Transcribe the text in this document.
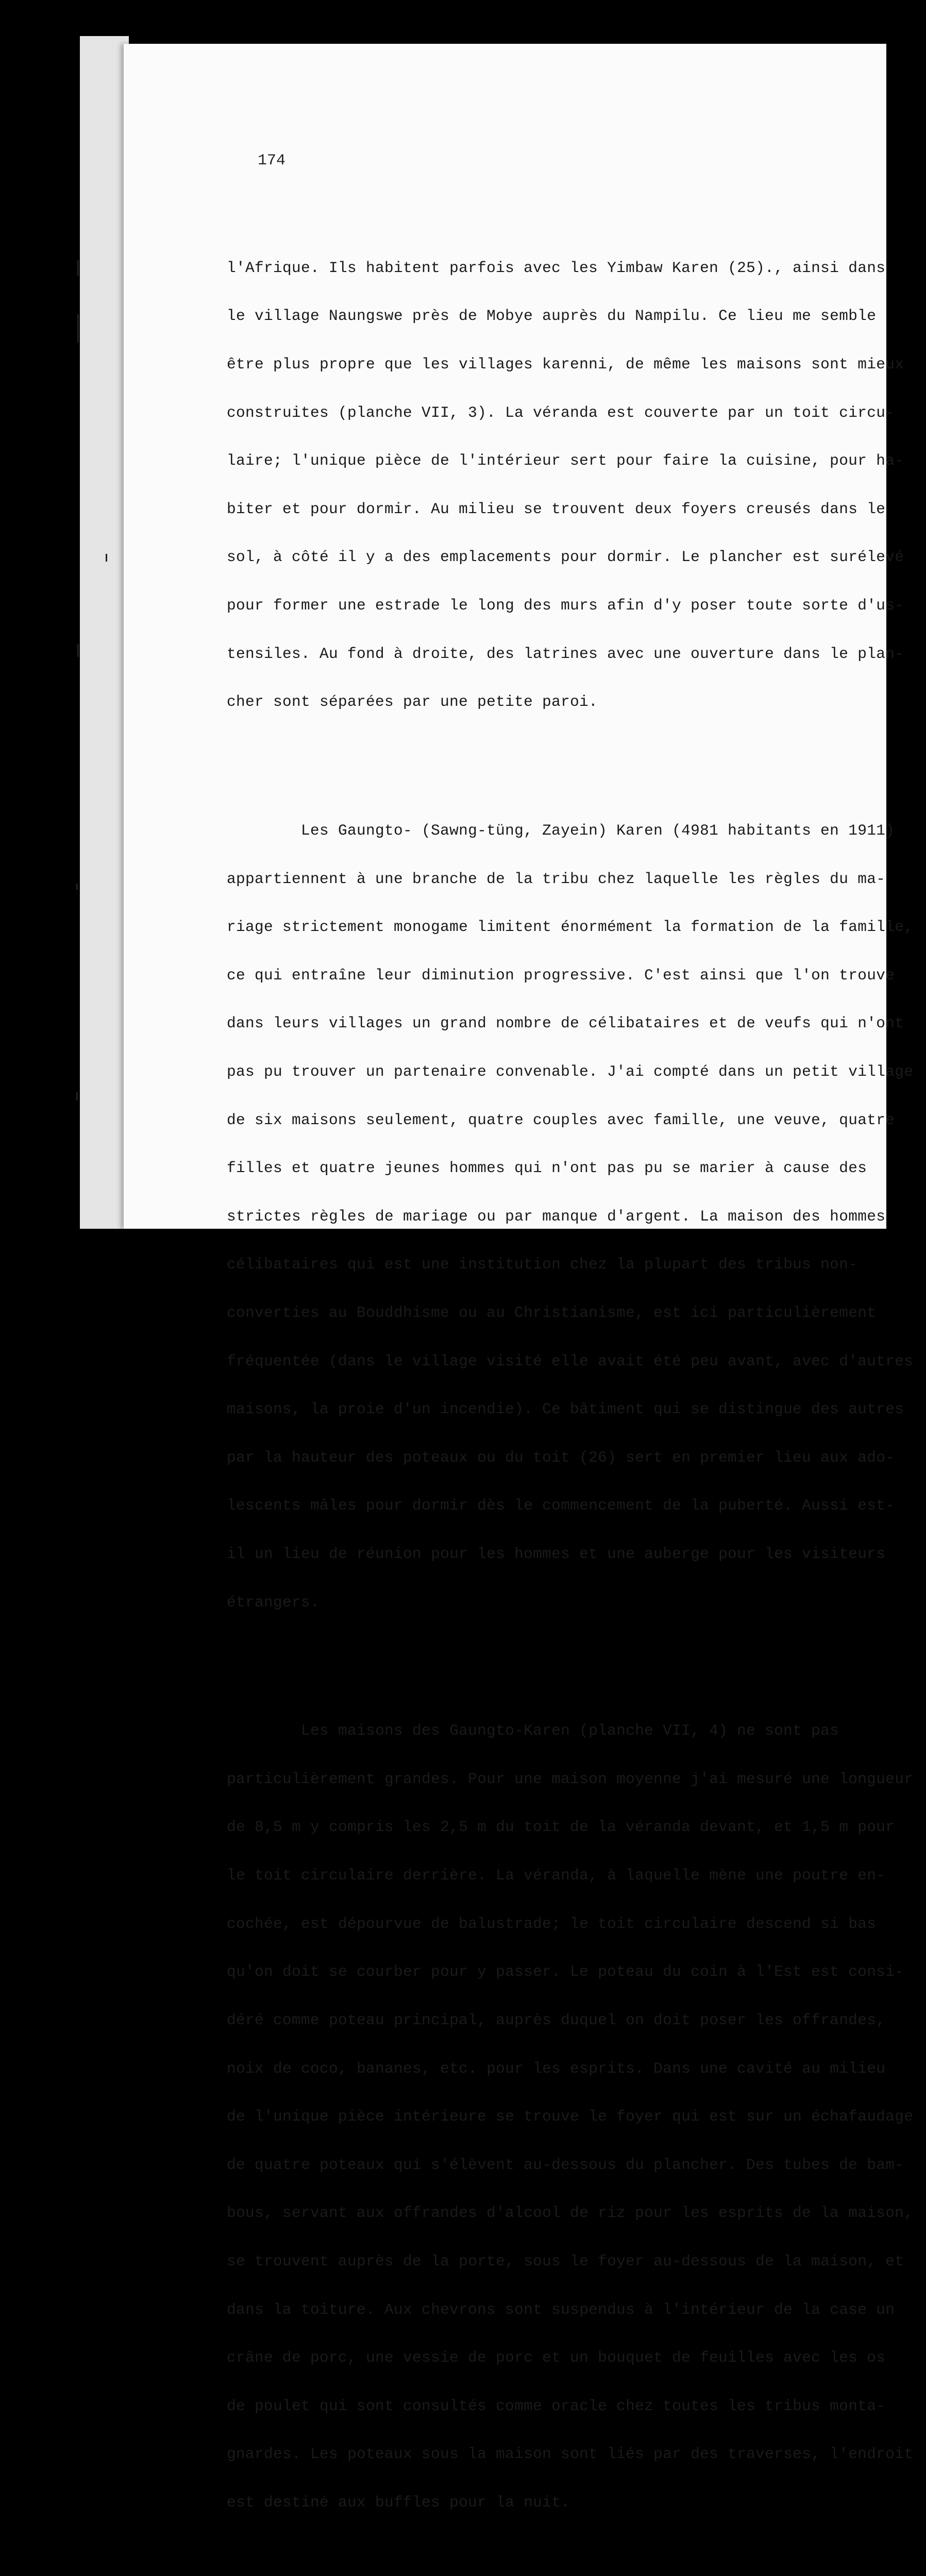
174

l'Afrique. Ils habitent parfois avec les Yimbaw Karen (25)., ainsi dans

le village Naungswe près de Mobye auprès du Nampilu. Ce lieu me semble

être plus propre que les villages karenni, de même les maisons sont mieux

construites (planche VII, 3). La véranda est couverte par un toit circu-

laire; l'unique pièce de l'intérieur sert pour faire la cuisine, pour ha-

biter et pour dormir. Au milieu se trouvent deux foyers creusés dans le

sol, à côté il y a des emplacements pour dormir. Le plancher est surélevé

pour former une estrade le long des murs afin d'y poser toute sorte d'us-

tensiles. Au fond à droite, des latrines avec une ouverture dans le plan-

cher sont séparées par une petite paroi.

Les Gaungto- (Sawng-tüng, Zayein) Karen (4981 habitants en 1911)

appartiennent à une branche de la tribu chez laquelle les règles du ma-

riage strictement monogame limitent énormément la formation de la famille,

ce qui entraîne leur diminution progressive. C'est ainsi que l'on trouve

dans leurs villages un grand nombre de célibataires et de veufs qui n'ont

pas pu trouver un partenaire convenable. J'ai compté dans un petit village

de six maisons seulement, quatre couples avec famille, une veuve, quatre

filles et quatre jeunes hommes qui n'ont pas pu se marier à cause des

strictes règles de mariage ou par manque d'argent. La maison des hommes

célibataires qui est une institution chez la plupart des tribus non-

converties au Bouddhisme ou au Christianisme, est ici particulièrement

fréquentée (dans le village visité elle avait été peu avant, avec d'autres

maisons, la proie d'un incendie). Ce bâtiment qui se distingue des autres

par la hauteur des poteaux ou du toit (26) sert en premier lieu aux ado-

lescents mâles pour dormir dès le commencement de la puberté. Aussi est-

il un lieu de réunion pour les hommes et une auberge pour les visiteurs

étrangers.

Les maisons des Gaungto-Karen (planche VII, 4) ne sont pas

particulièrement grandes. Pour une maison moyenne j'ai mesuré une longueur

de 8,5 m y compris les 2,5 m du toit de la véranda devant, et 1,5 m pour

le toit circulaire derrière. La véranda, à laquelle mène une poutre en-

cochée, est dépourvue de balustrade; le toit circulaire descend si bas

qu'on doit se courber pour y passer. Le poteau du coin à l'Est est consi-

déré comme poteau principal, auprès duquel on doit poser les offrandes,

noix de coco, bananes, etc. pour les esprits. Dans une cavité au milieu

de l'unique pièce intérieure se trouve le foyer qui est sur un échafaudage

de quatre poteaux qui s'élèvent au-dessous du plancher. Des tubes de bam-

bous, servant aux offrandes d'alcool de riz pour les esprits de la maison,

se trouvent auprès de la porte, sous le foyer au-dessous de la maison, et

dans la toiture. Aux chevrons sont suspendus à l'intérieur de la case un

crâne de porc, une vessie de porc et un bouquet de feuilles avec les os

de poulet qui sont consultés comme oracle chez toutes les tribus monta-

gnardes. Les poteaux sous la maison sont liés par des traverses, l'endroit

est destiné aux buffles pour la nuit.
